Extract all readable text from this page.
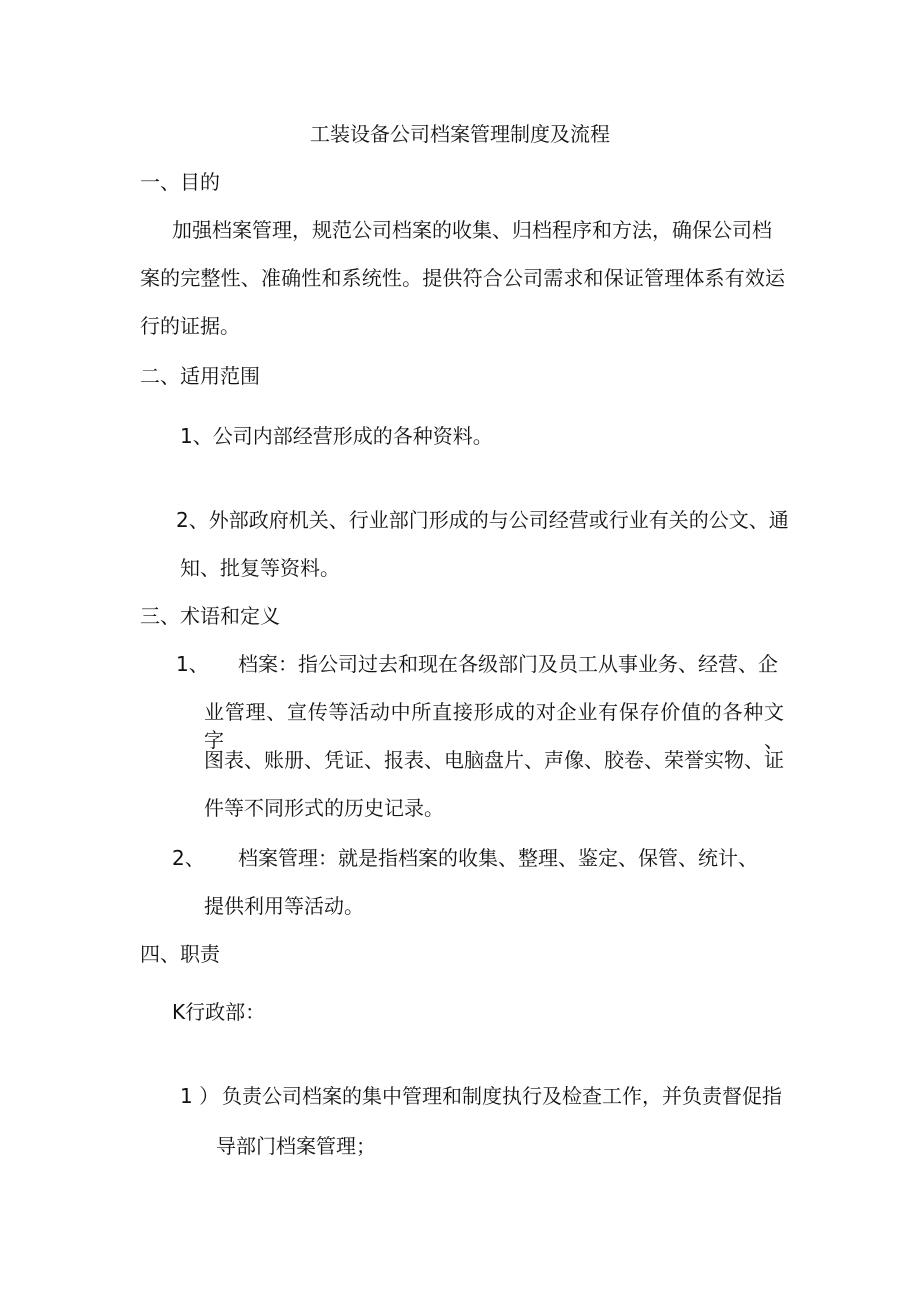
工装设备公司档案管理制度及流程
一、目的
加强档案管理，规范公司档案的收集、归档程序和方法，确保公司档
案的完整性、准确性和系统性。提供符合公司需求和保证管理体系有效运
行的证据。
二、适用范围
1、公司内部经营形成的各种资料。
2、外部政府机关、行业部门形成的与公司经营或行业有关的公文、通
知、批复等资料。
三、术语和定义
1、 档案：指公司过去和现在各级部门及员工从事业务、经营、企
业管理、宣传等活动中所直接形成的对企业有保存价值的各种文字、
图表、账册、凭证、报表、电脑盘片、声像、胶卷、荣誉实物、证
件等不同形式的历史记录。
2、 档案管理：就是指档案的收集、整理、鉴定、保管、统计、
提供利用等活动。
四、职责
K行政部：
1 ） 负责公司档案的集中管理和制度执行及检查工作，并负责督促指
导部门档案管理；
